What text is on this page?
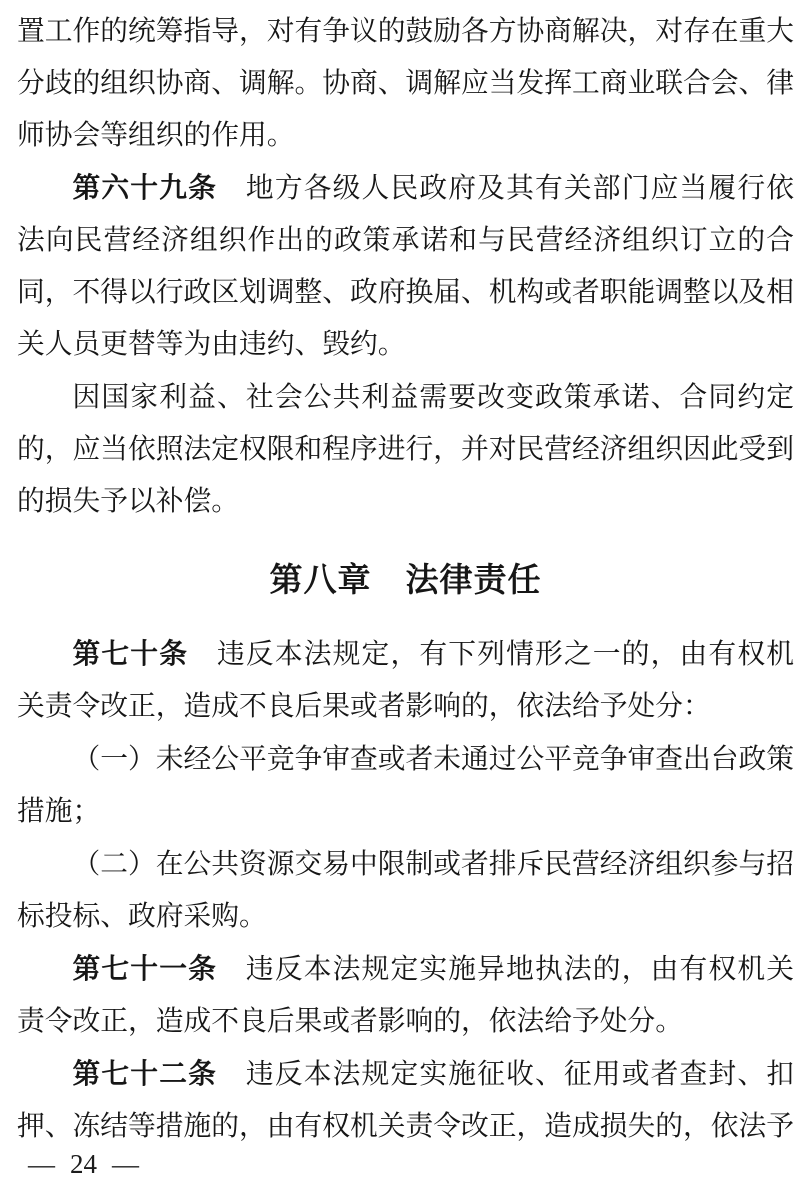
置工作的统筹指导，对有争议的鼓励各方协商解决，对存在重大分歧的组织协商、调解。协商、调解应当发挥工商业联合会、律师协会等组织的作用。

第六十九条　地方各级人民政府及其有关部门应当履行依法向民营经济组织作出的政策承诺和与民营经济组织订立的合同，不得以行政区划调整、政府换届、机构或者职能调整以及相关人员更替等为由违约、毁约。

因国家利益、社会公共利益需要改变政策承诺、合同约定的，应当依照法定权限和程序进行，并对民营经济组织因此受到的损失予以补偿。

第八章　法律责任

第七十条　违反本法规定，有下列情形之一的，由有权机关责令改正，造成不良后果或者影响的，依法给予处分：

（一）未经公平竞争审查或者未通过公平竞争审查出台政策措施；

（二）在公共资源交易中限制或者排斥民营经济组织参与招标投标、政府采购。

第七十一条　违反本法规定实施异地执法的，由有权机关责令改正，造成不良后果或者影响的，依法给予处分。

第七十二条　违反本法规定实施征收、征用或者查封、扣押、冻结等措施的，由有权机关责令改正，造成损失的，依法予

— 24 —
